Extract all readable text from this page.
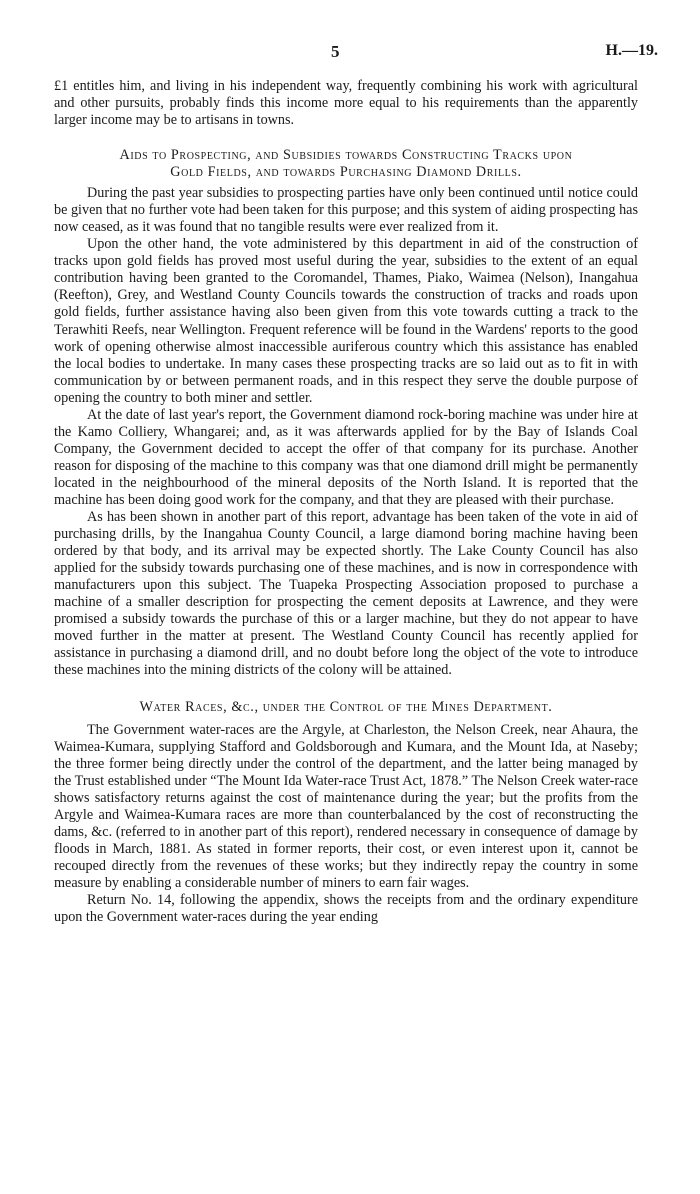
5	H.—19.

£1 entitles him, and living in his independent way, frequently combining his work with agricultural and other pursuits, probably finds this income more equal to his requirements than the apparently larger income may be to artisans in towns.

Aids to Prospecting, and Subsidies towards Constructing Tracks upon
Gold Fields, and towards Purchasing Diamond Drills.

During the past year subsidies to prospecting parties have only been continued until notice could be given that no further vote had been taken for this purpose; and this system of aiding prospecting has now ceased, as it was found that no tangible results were ever realized from it.

Upon the other hand, the vote administered by this department in aid of the construction of tracks upon gold fields has proved most useful during the year, subsidies to the extent of an equal contribution having been granted to the Coromandel, Thames, Piako, Waimea (Nelson), Inangahua (Reefton), Grey, and Westland County Councils towards the construction of tracks and roads upon gold fields, further assistance having also been given from this vote towards cutting a track to the Terawhiti Reefs, near Wellington. Frequent reference will be found in the Wardens' reports to the good work of opening otherwise almost inaccessible auriferous country which this assistance has enabled the local bodies to undertake. In many cases these prospecting tracks are so laid out as to fit in with communication by or between permanent roads, and in this respect they serve the double purpose of opening the country to both miner and settler.

At the date of last year's report, the Government diamond rock-boring machine was under hire at the Kamo Colliery, Whangarei; and, as it was afterwards applied for by the Bay of Islands Coal Company, the Government decided to accept the offer of that company for its purchase. Another reason for disposing of the machine to this company was that one diamond drill might be permanently located in the neighbourhood of the mineral deposits of the North Island. It is reported that the machine has been doing good work for the company, and that they are pleased with their purchase.

As has been shown in another part of this report, advantage has been taken of the vote in aid of purchasing drills, by the Inangahua County Council, a large diamond boring machine having been ordered by that body, and its arrival may be expected shortly. The Lake County Council has also applied for the subsidy towards purchasing one of these machines, and is now in correspondence with manufacturers upon this subject. The Tuapeka Prospecting Association proposed to purchase a machine of a smaller description for prospecting the cement deposits at Lawrence, and they were promised a subsidy towards the purchase of this or a larger machine, but they do not appear to have moved further in the matter at present. The Westland County Council has recently applied for assistance in purchasing a diamond drill, and no doubt before long the object of the vote to introduce these machines into the mining districts of the colony will be attained.

Water Races, &c., under the Control of the Mines Department.

The Government water-races are the Argyle, at Charleston, the Nelson Creek, near Ahaura, the Waimea-Kumara, supplying Stafford and Goldsborough and Kumara, and the Mount Ida, at Naseby; the three former being directly under the control of the department, and the latter being managed by the Trust established under “The Mount Ida Water-race Trust Act, 1878.” The Nelson Creek water-race shows satisfactory returns against the cost of maintenance during the year; but the profits from the Argyle and Waimea-Kumara races are more than counterbalanced by the cost of reconstructing the dams, &c. (referred to in another part of this report), rendered necessary in consequence of damage by floods in March, 1881. As stated in former reports, their cost, or even interest upon it, cannot be recouped directly from the revenues of these works; but they indirectly repay the country in some measure by enabling a considerable number of miners to earn fair wages.

Return No. 14, following the appendix, shows the receipts from and the ordinary expenditure upon the Government water-races during the year ending
